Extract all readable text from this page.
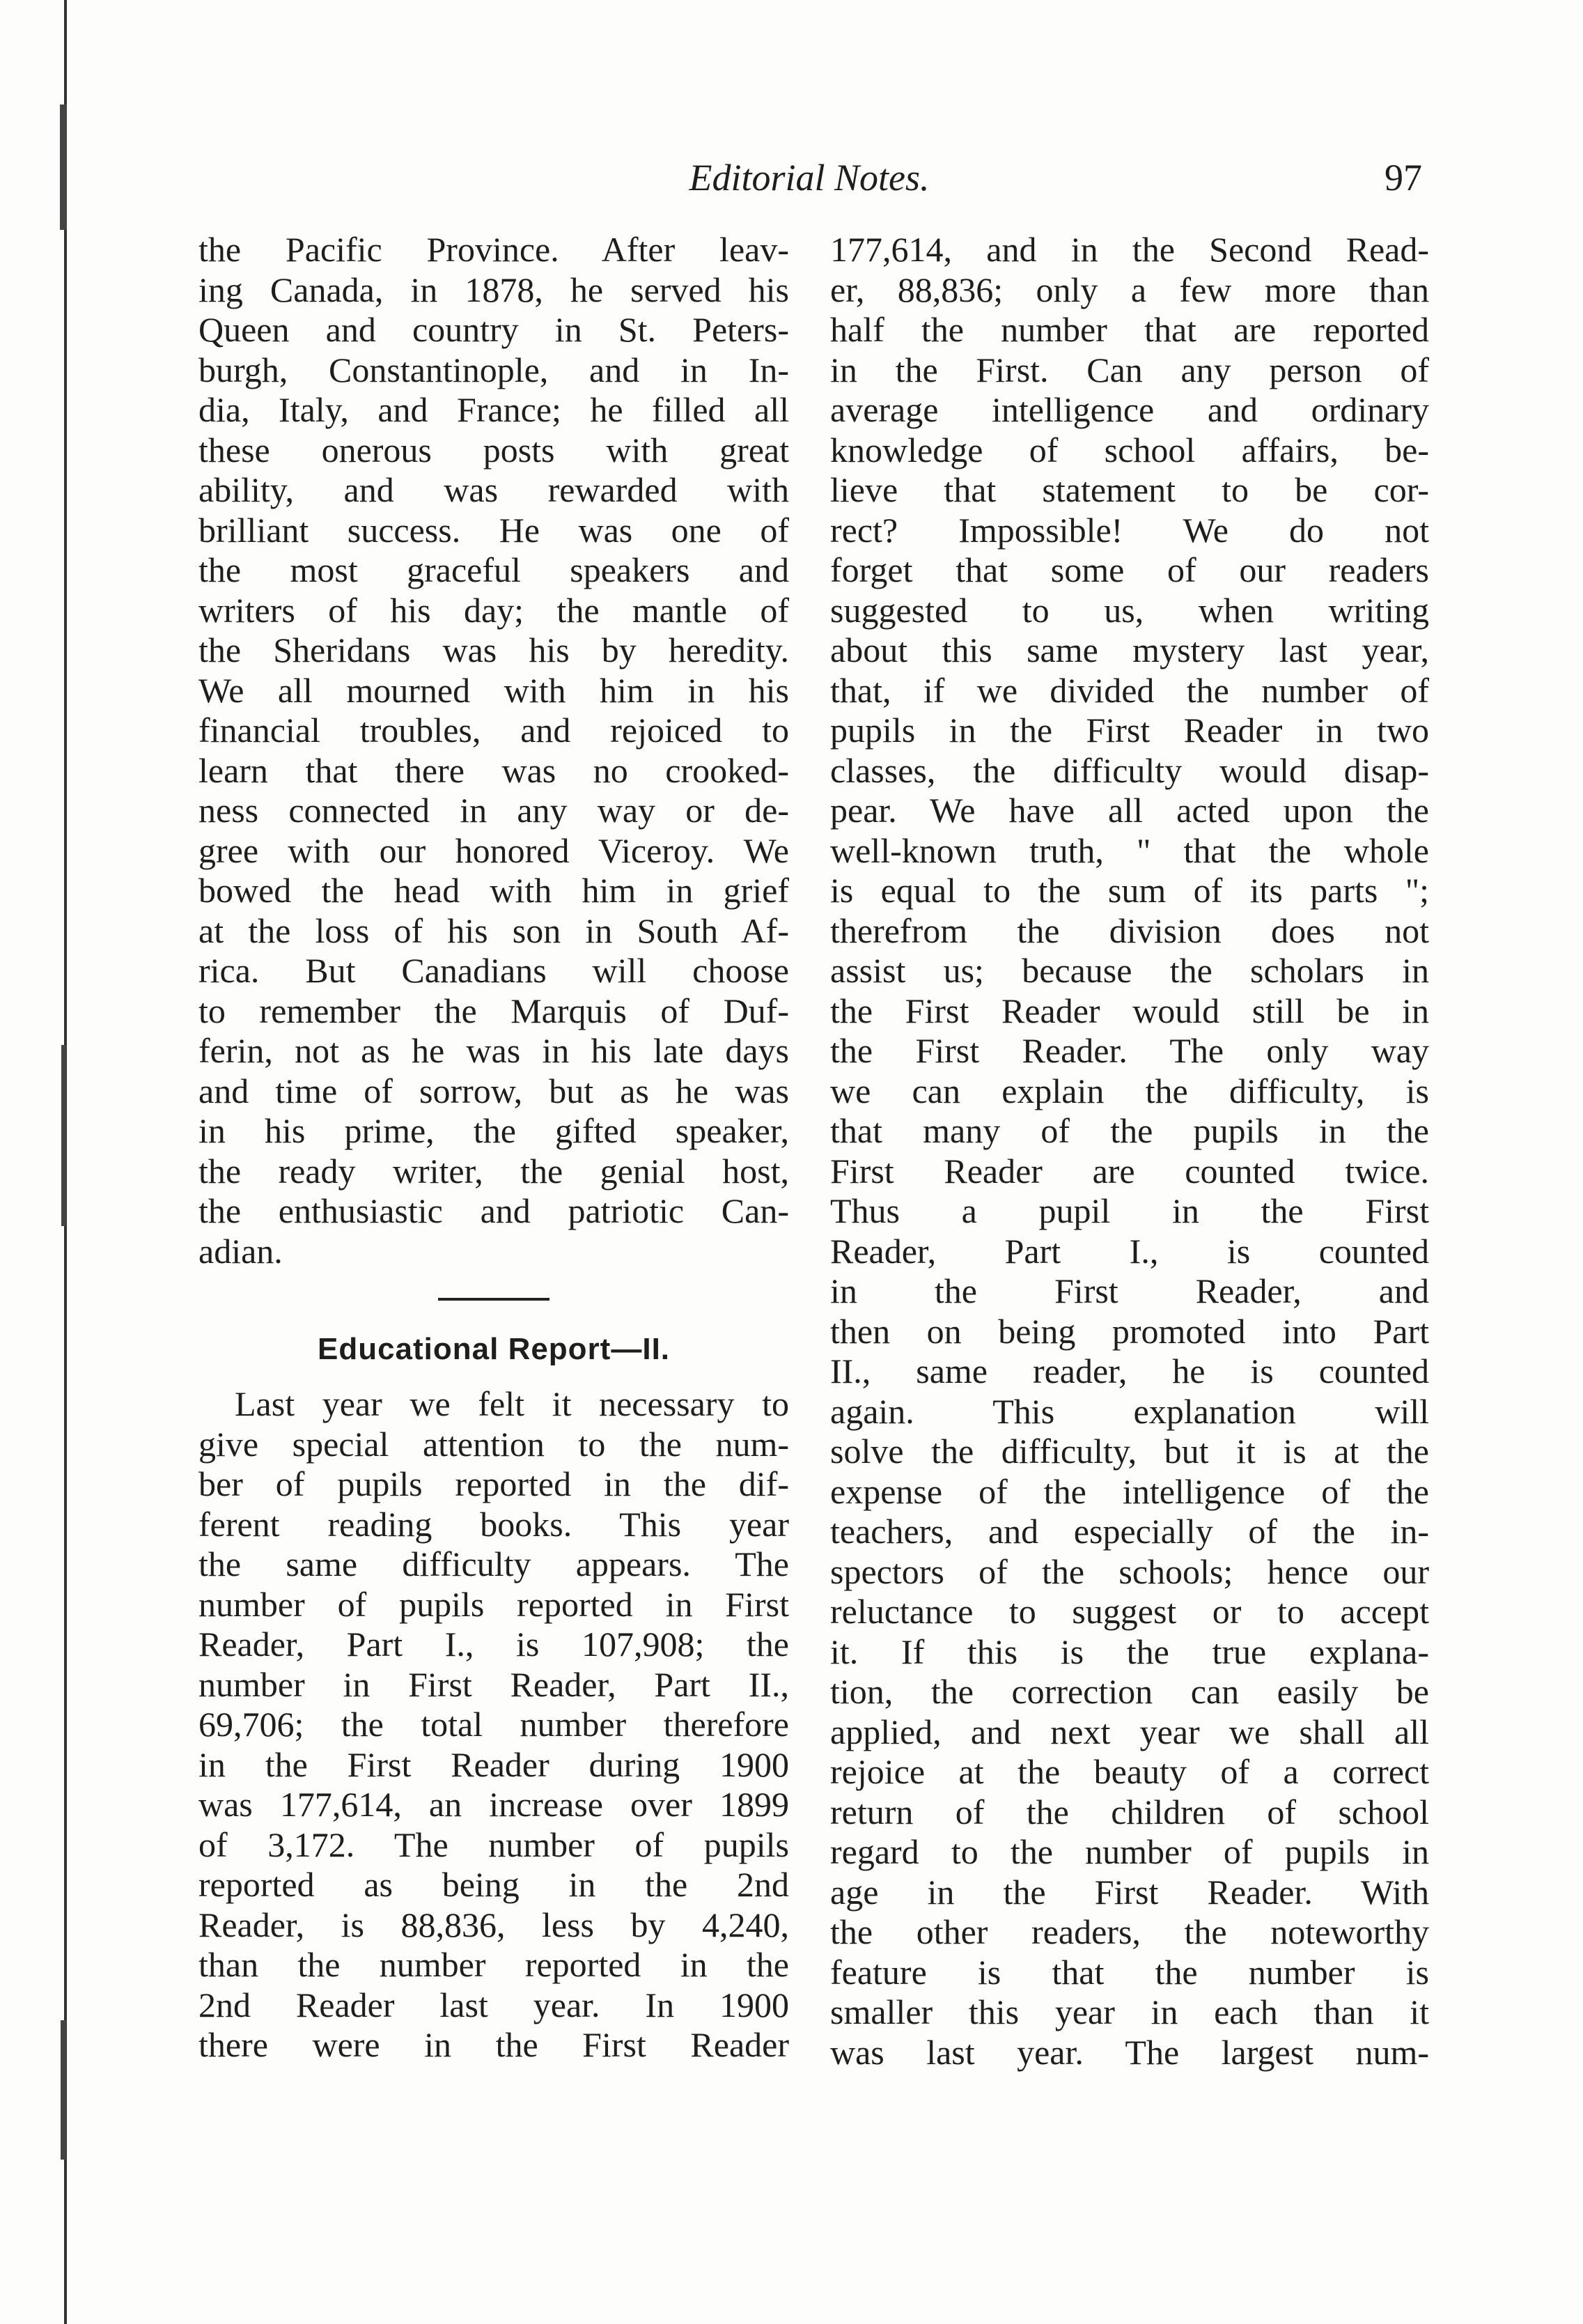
Editorial Notes.	97
the Pacific Province. After leav-
ing Canada, in 1878, he served his
Queen and country in St. Peters-
burgh, Constantinople, and in In-
dia, Italy, and France; he filled all
these onerous posts with great
ability, and was rewarded with
brilliant success. He was one of
the most graceful speakers and
writers of his day; the mantle of
the Sheridans was his by heredity.
We all mourned with him in his
financial troubles, and rejoiced to
learn that there was no crooked-
ness connected in any way or de-
gree with our honored Viceroy. We
bowed the head with him in grief
at the loss of his son in South Af-
rica. But Canadians will choose
to remember the Marquis of Duf-
ferin, not as he was in his late days
and time of sorrow, but as he was
in his prime, the gifted speaker,
the ready writer, the genial host,
the enthusiastic and patriotic Can-
adian.
Educational Report—II.
Last year we felt it necessary to
give special attention to the num-
ber of pupils reported in the dif-
ferent reading books. This year
the same difficulty appears. The
number of pupils reported in First
Reader, Part I., is 107,908; the
number in First Reader, Part II.,
69,706; the total number therefore
in the First Reader during 1900
was 177,614, an increase over 1899
of 3,172. The number of pupils
reported as being in the 2nd
Reader, is 88,836, less by 4,240,
than the number reported in the
2nd Reader last year. In 1900
there were in the First Reader
177,614, and in the Second Read-
er, 88,836; only a few more than
half the number that are reported
in the First. Can any person of
average intelligence and ordinary
knowledge of school affairs, be-
lieve that statement to be cor-
rect? Impossible! We do not
forget that some of our readers
suggested to us, when writing
about this same mystery last year,
that, if we divided the number of
pupils in the First Reader in two
classes, the difficulty would disap-
pear. We have all acted upon the
well-known truth, " that the whole
is equal to the sum of its parts ";
therefrom the division does not
assist us; because the scholars in
the First Reader would still be in
the First Reader. The only way
we can explain the difficulty, is
that many of the pupils in the
First Reader are counted twice.
Thus a pupil in the First
Reader, Part I., is counted
in the First Reader, and
then on being promoted into Part
II., same reader, he is counted
again. This explanation will
solve the difficulty, but it is at the
expense of the intelligence of the
teachers, and especially of the in-
spectors of the schools; hence our
reluctance to suggest or to accept
it. If this is the true explana-
tion, the correction can easily be
applied, and next year we shall all
rejoice at the beauty of a correct
return of the children of school
regard to the number of pupils in
age in the First Reader. With
the other readers, the noteworthy
feature is that the number is
smaller this year in each than it
was last year. The largest num-
